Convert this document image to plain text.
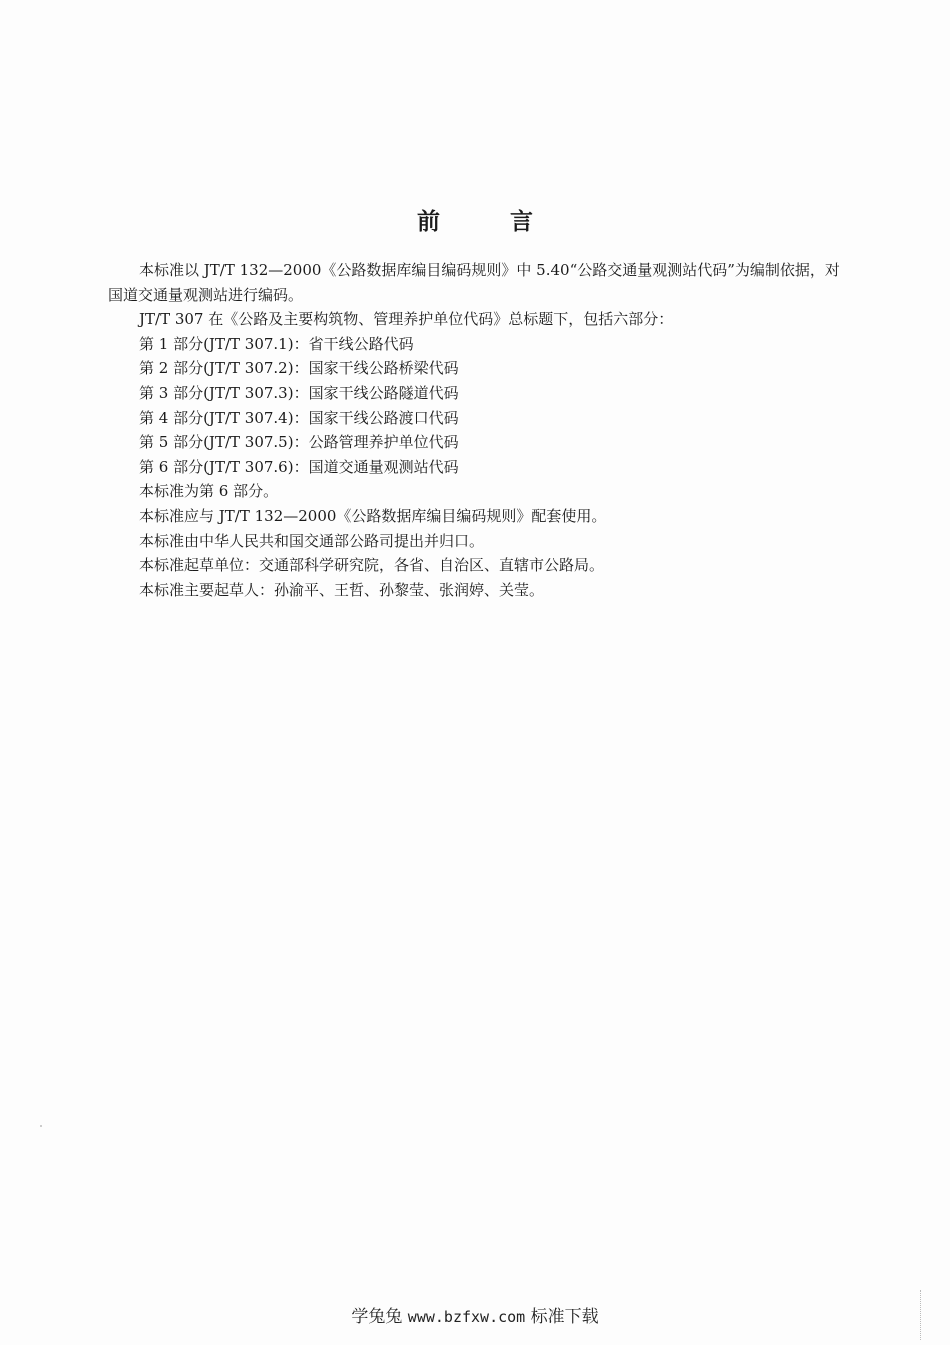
前	言

本标准以 JT/T 132—2000《公路数据库编目编码规则》中 5.40“公路交通量观测站代码”为编制依据，对国道交通量观测站进行编码。

JT/T 307 在《公路及主要构筑物、管理养护单位代码》总标题下，包括六部分：

第 1 部分(JT/T 307.1)：省干线公路代码

第 2 部分(JT/T 307.2)：国家干线公路桥梁代码

第 3 部分(JT/T 307.3)：国家干线公路隧道代码

第 4 部分(JT/T 307.4)：国家干线公路渡口代码

第 5 部分(JT/T 307.5)：公路管理养护单位代码

第 6 部分(JT/T 307.6)：国道交通量观测站代码

本标准为第 6 部分。

本标准应与 JT/T 132—2000《公路数据库编目编码规则》配套使用。

本标准由中华人民共和国交通部公路司提出并归口。

本标准起草单位：交通部科学研究院，各省、自治区、直辖市公路局。

本标准主要起草人：孙渝平、王哲、孙黎莹、张润婷、关莹。

学兔兔 www.bzfxw.com 标准下载
